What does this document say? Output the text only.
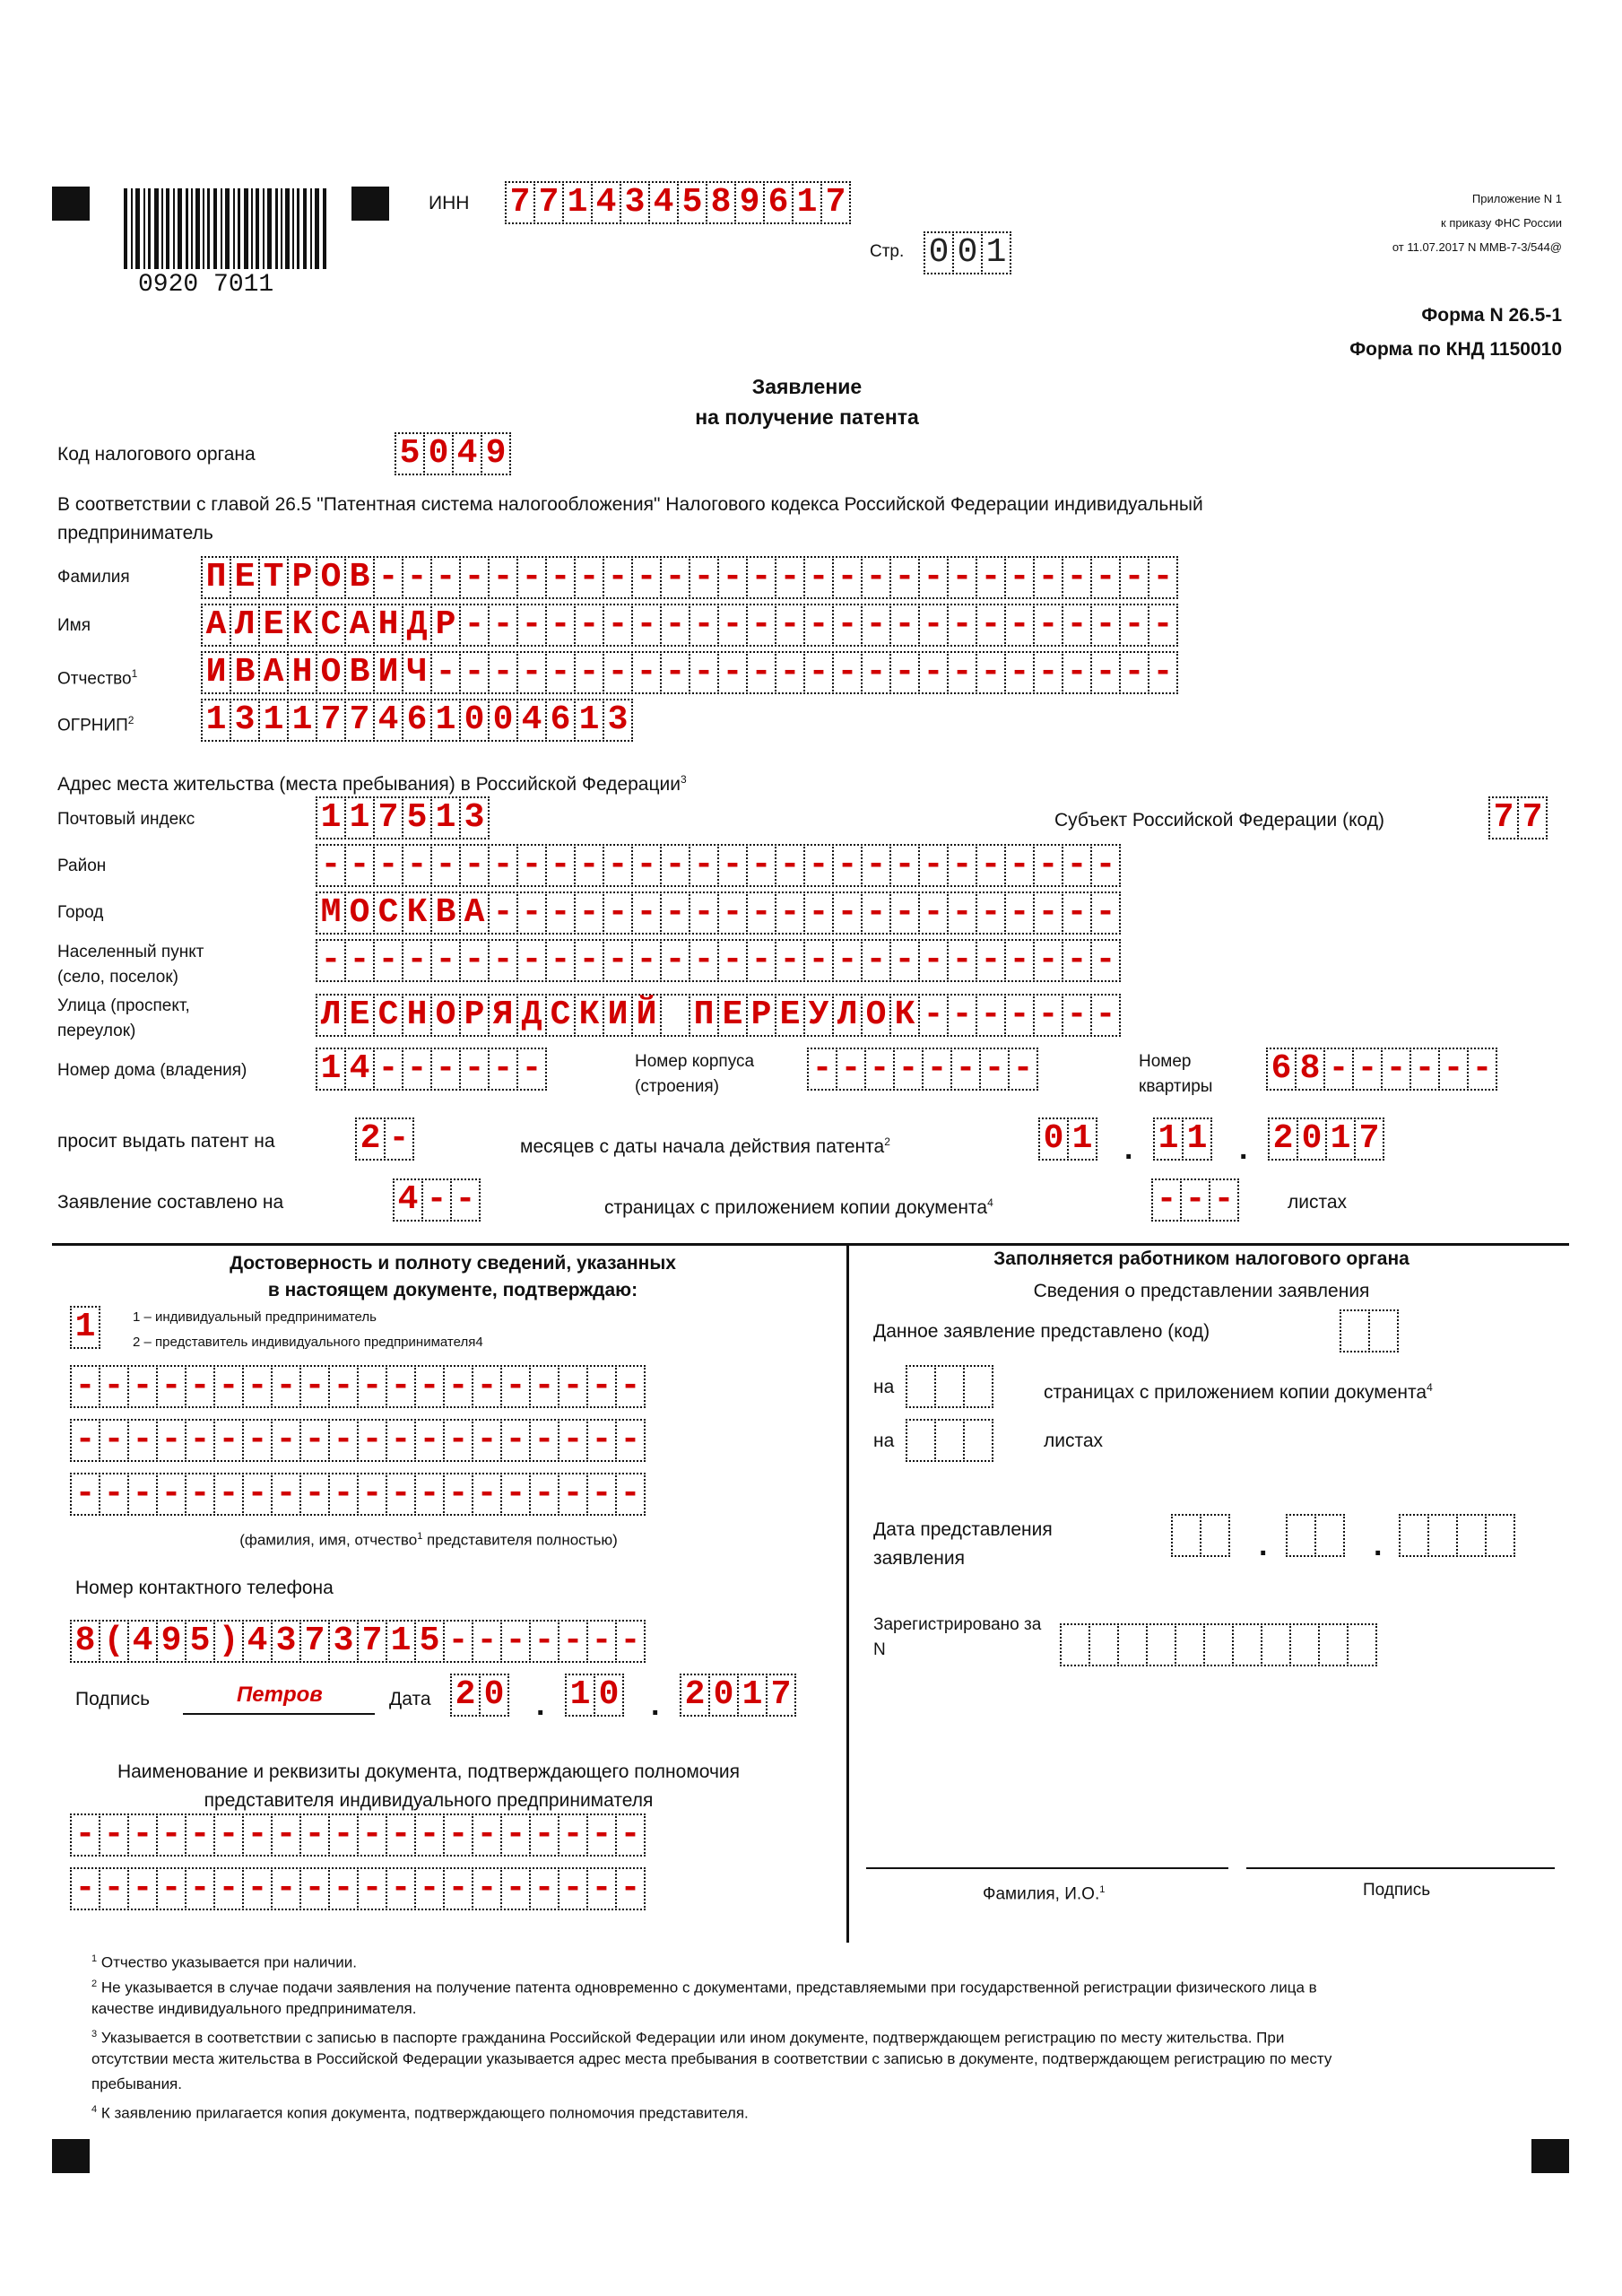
0920 7011
ИНН 7 7 1 4 3 4 5 8 9 6 1 7
Стр. 0 0 1
Приложение N 1
к приказу ФНС России
от 11.07.2017 N ММВ-7-3/544@
Форма N 26.5-1
Форма по КНД 1150010
Заявление
на получение патента
Код налогового органа	5 0 4 9
В соответствии с главой 26.5 "Патентная система налогообложения" Налогового кодекса Российской Федерации индивидуальный
предприниматель
Фамилия П Е Т Р О В - - - - - - - - - - - - - - - - - - - - - - - - - - - -
Имя	А Л Е К С А Н Д Р - - - - - - - - - - - - - - - - - - - - - - - - -
Отчество$^1$ И В А Н О В И Ч - - - - - - - - - - - - - - - - - - - - - - - - - -
ОГРНИП$^2$ 1 3 1 1 7 7 4 6 1 0 0 4 6 1 3
Адрес места жительства (места пребывания) в Российской Федерации$^3$
Почтовый индекс	1 1 7 5 1 3	Субъект Российской Федерации (код)	7 7
Район	- - - - - - - - - - - - - - - - - - - - - - - - - - - -
Город	М О С К В А - - - - - - - - - - - - - - - - - - - - - -
Населенный пункт
(село, поселок)	- - - - - - - - - - - - - - - - - - - - - - - - - - - -
Улица (проспект,
переулок)	Л Е С Н О Р Я Д С К И Й П Е Р Е У Л О К - - - - - - -
Номер дома (владения) 1 4 - - - - - -	Номер корпуса
(строения)	- - - - - - - -	Номер
квартиры 6 8 - - - - - -
просит выдать патент на	2 -	месяцев с даты начала действия патента$^2$	0 1 . 1 1 . 2 0 1 7
Заявление составлено на	4 - -	страницах с приложением копии документа$^4$	- - -	листах
Достоверность и полноту сведений, указанных
в настоящем документе, подтверждаю:
1	1 – индивидуальный предприниматель
2 – представитель индивидуального предпринимателя4
- - - - - - - - - - - - - - - - - - - -
- - - - - - - - - - - - - - - - - - - -
- - - - - - - - - - - - - - - - - - - -
(фамилия, имя, отчество$^1$ представителя полностью)
Номер контактного телефона
8 ( 4 9 5 ) 4 3 7 3 7 1 5 - - - - - - -
Подпись	Петров	Дата 2 0 . 1 0 . 2 0 1 7
Наименование и реквизиты документа, подтверждающего полномочия
представителя индивидуального предпринимателя
- - - - - - - - - - - - - - - - - - - -
- - - - - - - - - - - - - - - - - - - -
Заполняется работником налогового органа
Сведения о представлении заявления
Данное заявление представлено (код)
на	страницах с приложением копии документа$^4$
на	листах
Дата представления
заявления	.	.
Зарегистрировано за
N
Фамилия, И.О.$^1$	Подпись
$^1$ Отчество указывается при наличии.
$^2$ Не указывается в случае подачи заявления на получение патента одновременно с документами, представляемыми при государственной регистрации физического лица в
качестве индивидуального предпринимателя.
$^3$ Указывается в соответствии с записью в паспорте гражданина Российской Федерации или ином документе, подтверждающем регистрацию по месту жительства. При
отсутствии места жительства в Российской Федерации указывается адрес места пребывания в соответствии с записью в документе, подтверждающем регистрацию по месту
пребывания.
$^4$ К заявлению прилагается копия документа, подтверждающего полномочия представителя.
